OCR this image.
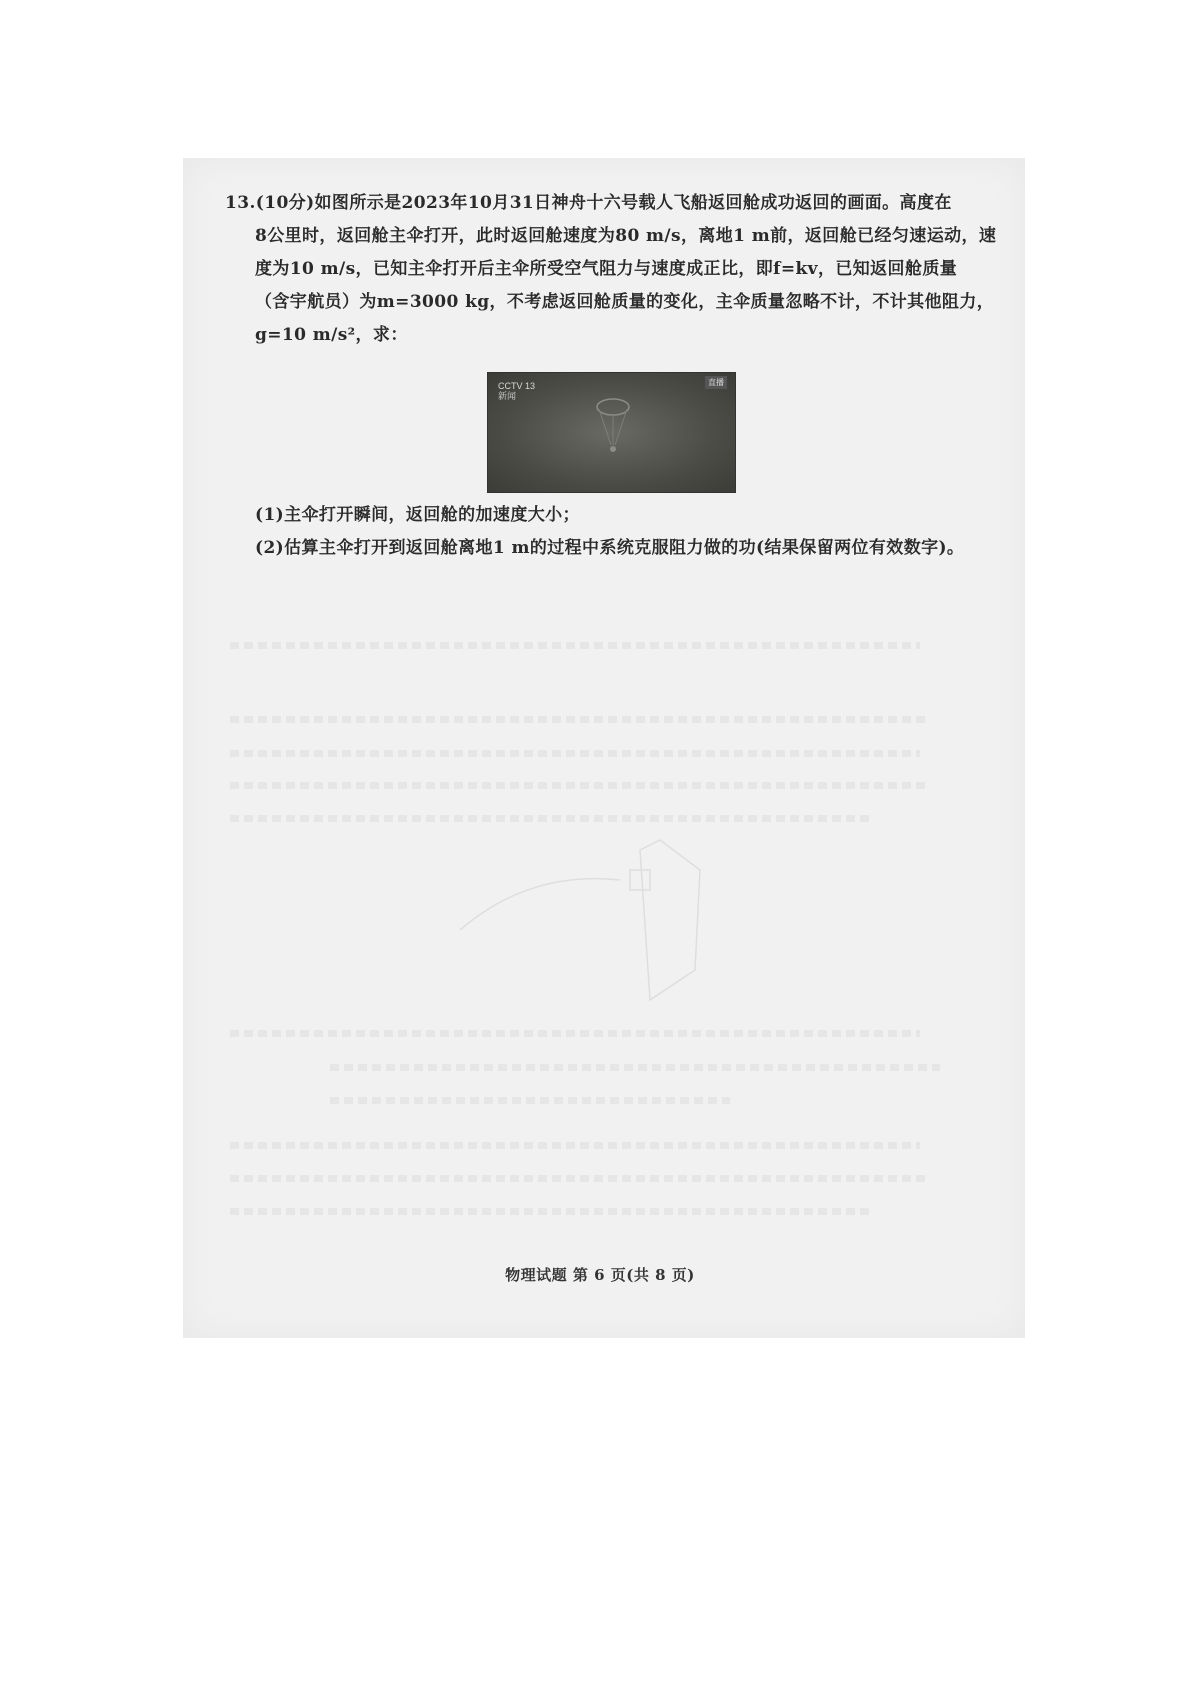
13.(10分)如图所示是2023年10月31日神舟十六号载人飞船返回舱成功返回的画面。高度在
8公里时，返回舱主伞打开，此时返回舱速度为80 m/s，离地1 m前，返回舱已经匀速运动，速
度为10 m/s，已知主伞打开后主伞所受空气阻力与速度成正比，即f=kv，已知返回舱质量
（含宇航员）为m=3000 kg，不考虑返回舱质量的变化，主伞质量忽略不计，不计其他阻力，
g=10 m/s²，求：
CCTV 13
新闻
直播
(1)主伞打开瞬间，返回舱的加速度大小；
(2)估算主伞打开到返回舱离地1 m的过程中系统克服阻力做的功(结果保留两位有效数字)。
物理试题 第 6 页(共 8 页)
